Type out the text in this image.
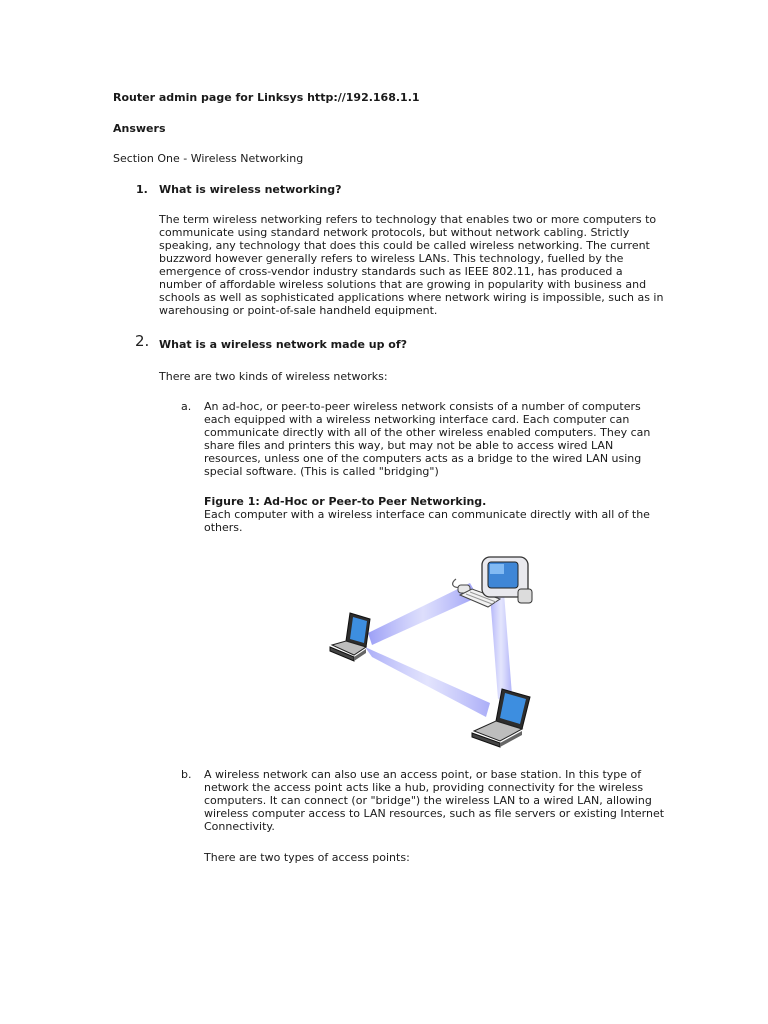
Router admin page for Linksys http://192.168.1.1
Answers
Section One - Wireless Networking
1. What is wireless networking?
The term wireless networking refers to technology that enables two or more computers to
communicate using standard network protocols, but without network cabling. Strictly
speaking, any technology that does this could be called wireless networking. The current
buzzword however generally refers to wireless LANs. This technology, fuelled by the
emergence of cross-vendor industry standards such as IEEE 802.11, has produced a
number of affordable wireless solutions that are growing in popularity with business and
schools as well as sophisticated applications where network wiring is impossible, such as in
warehousing or point-of-sale handheld equipment.
2. What is a wireless network made up of?
There are two kinds of wireless networks:
a. An ad-hoc, or peer-to-peer wireless network consists of a number of computers
each equipped with a wireless networking interface card. Each computer can
communicate directly with all of the other wireless enabled computers. They can
share files and printers this way, but may not be able to access wired LAN
resources, unless one of the computers acts as a bridge to the wired LAN using
special software. (This is called "bridging")
Figure 1: Ad-Hoc or Peer-to Peer Networking.
Each computer with a wireless interface can communicate directly with all of the
others.
b. A wireless network can also use an access point, or base station. In this type of
network the access point acts like a hub, providing connectivity for the wireless
computers. It can connect (or "bridge") the wireless LAN to a wired LAN, allowing
wireless computer access to LAN resources, such as file servers or existing Internet
Connectivity.
There are two types of access points:
